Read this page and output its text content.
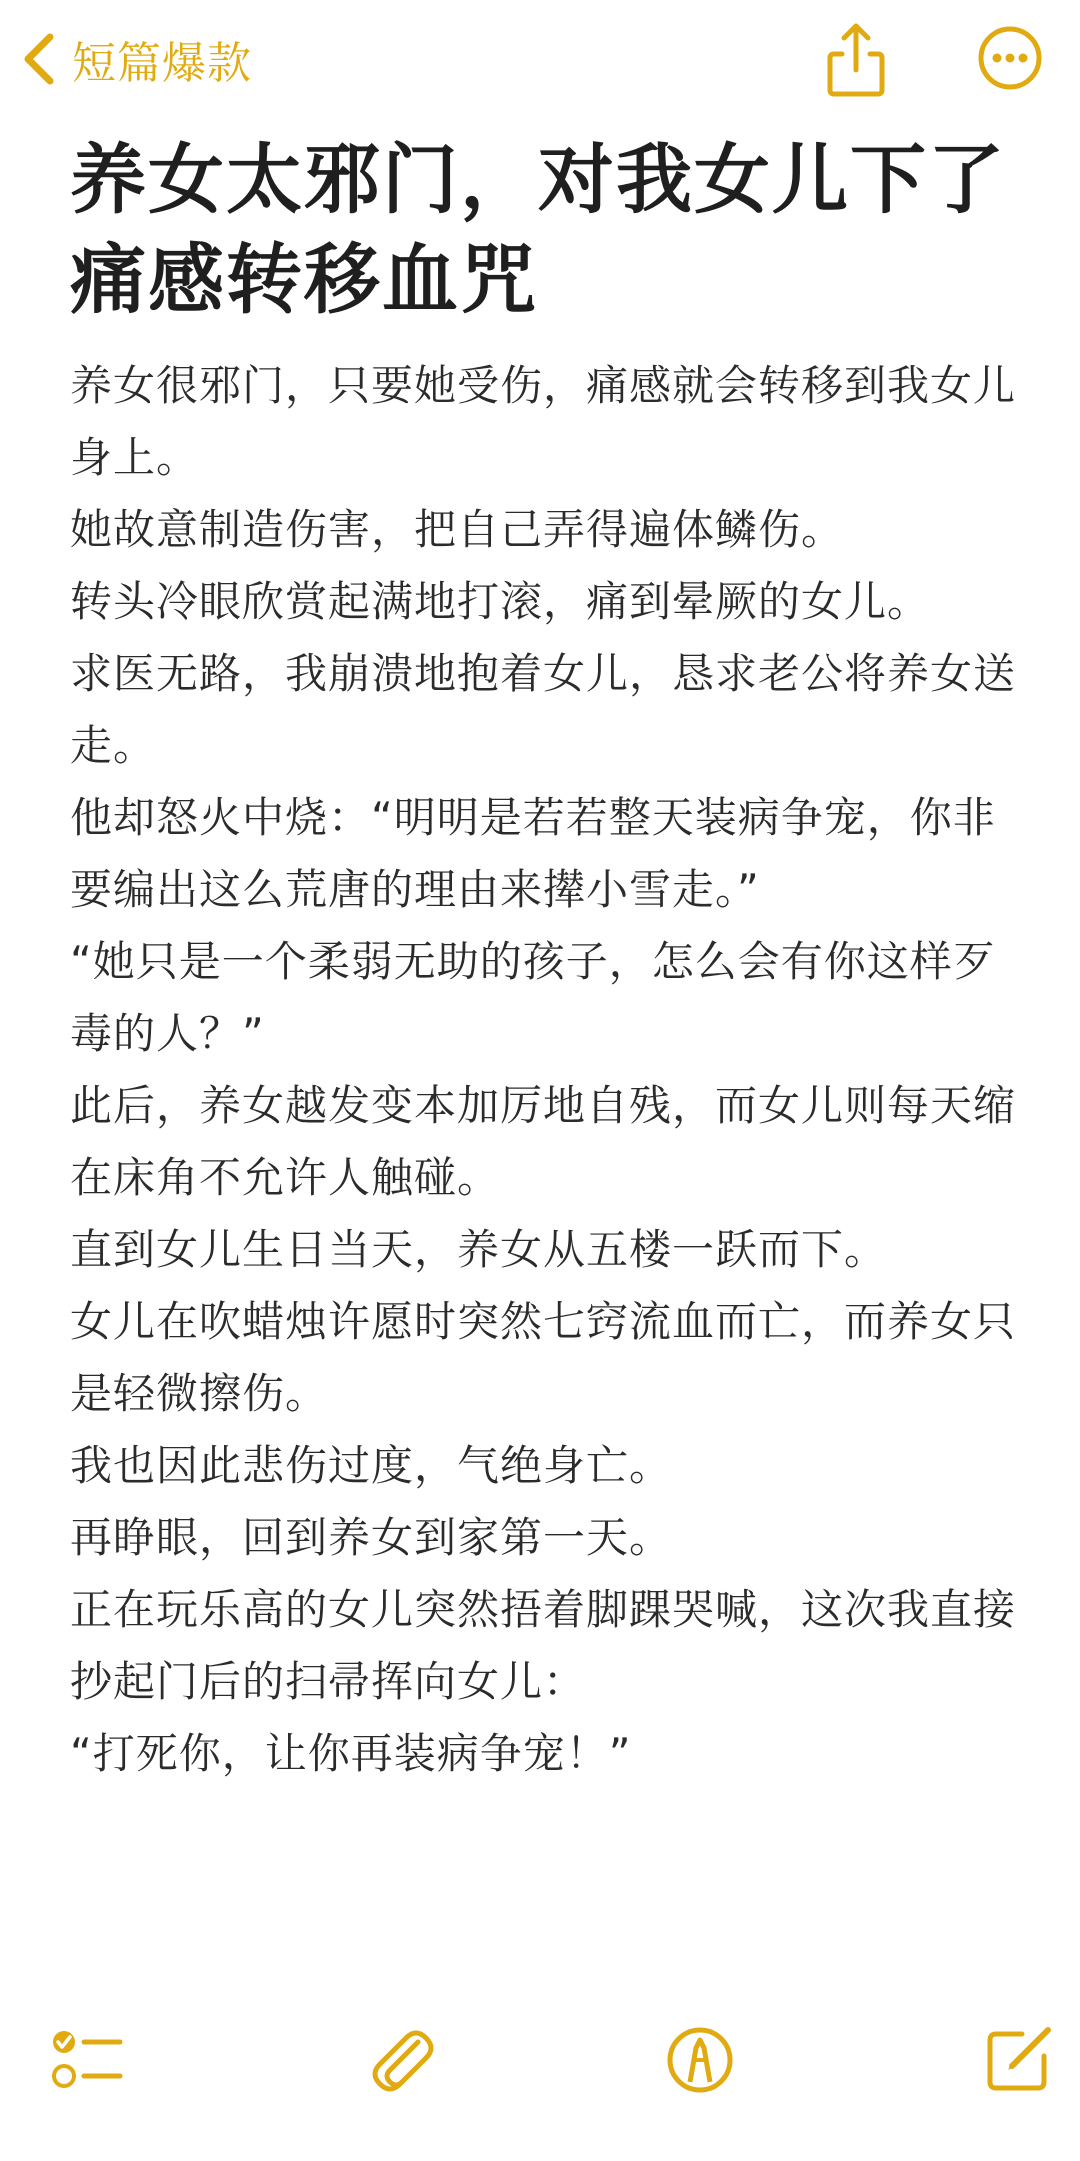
短篇爆款
养女太邪门，对我女儿下了痛感转移血咒

养女很邪门，只要她受伤，痛感就会转移到我女儿身上。

她故意制造伤害，把自己弄得遍体鳞伤。

转头冷眼欣赏起满地打滚，痛到晕厥的女儿。

求医无路，我崩溃地抱着女儿，恳求老公将养女送走。

他却怒火中烧：“明明是若若整天装病争宠，你非要编出这么荒唐的理由来撵小雪走。”

“她只是一个柔弱无助的孩子，怎么会有你这样歹毒的人？”

此后，养女越发变本加厉地自残，而女儿则每天缩在床角不允许人触碰。

直到女儿生日当天，养女从五楼一跃而下。

女儿在吹蜡烛许愿时突然七窍流血而亡，而养女只是轻微擦伤。

我也因此悲伤过度，气绝身亡。

再睁眼，回到养女到家第一天。

正在玩乐高的女儿突然捂着脚踝哭喊，这次我直接抄起门后的扫帚挥向女儿：

“打死你，让你再装病争宠！”
